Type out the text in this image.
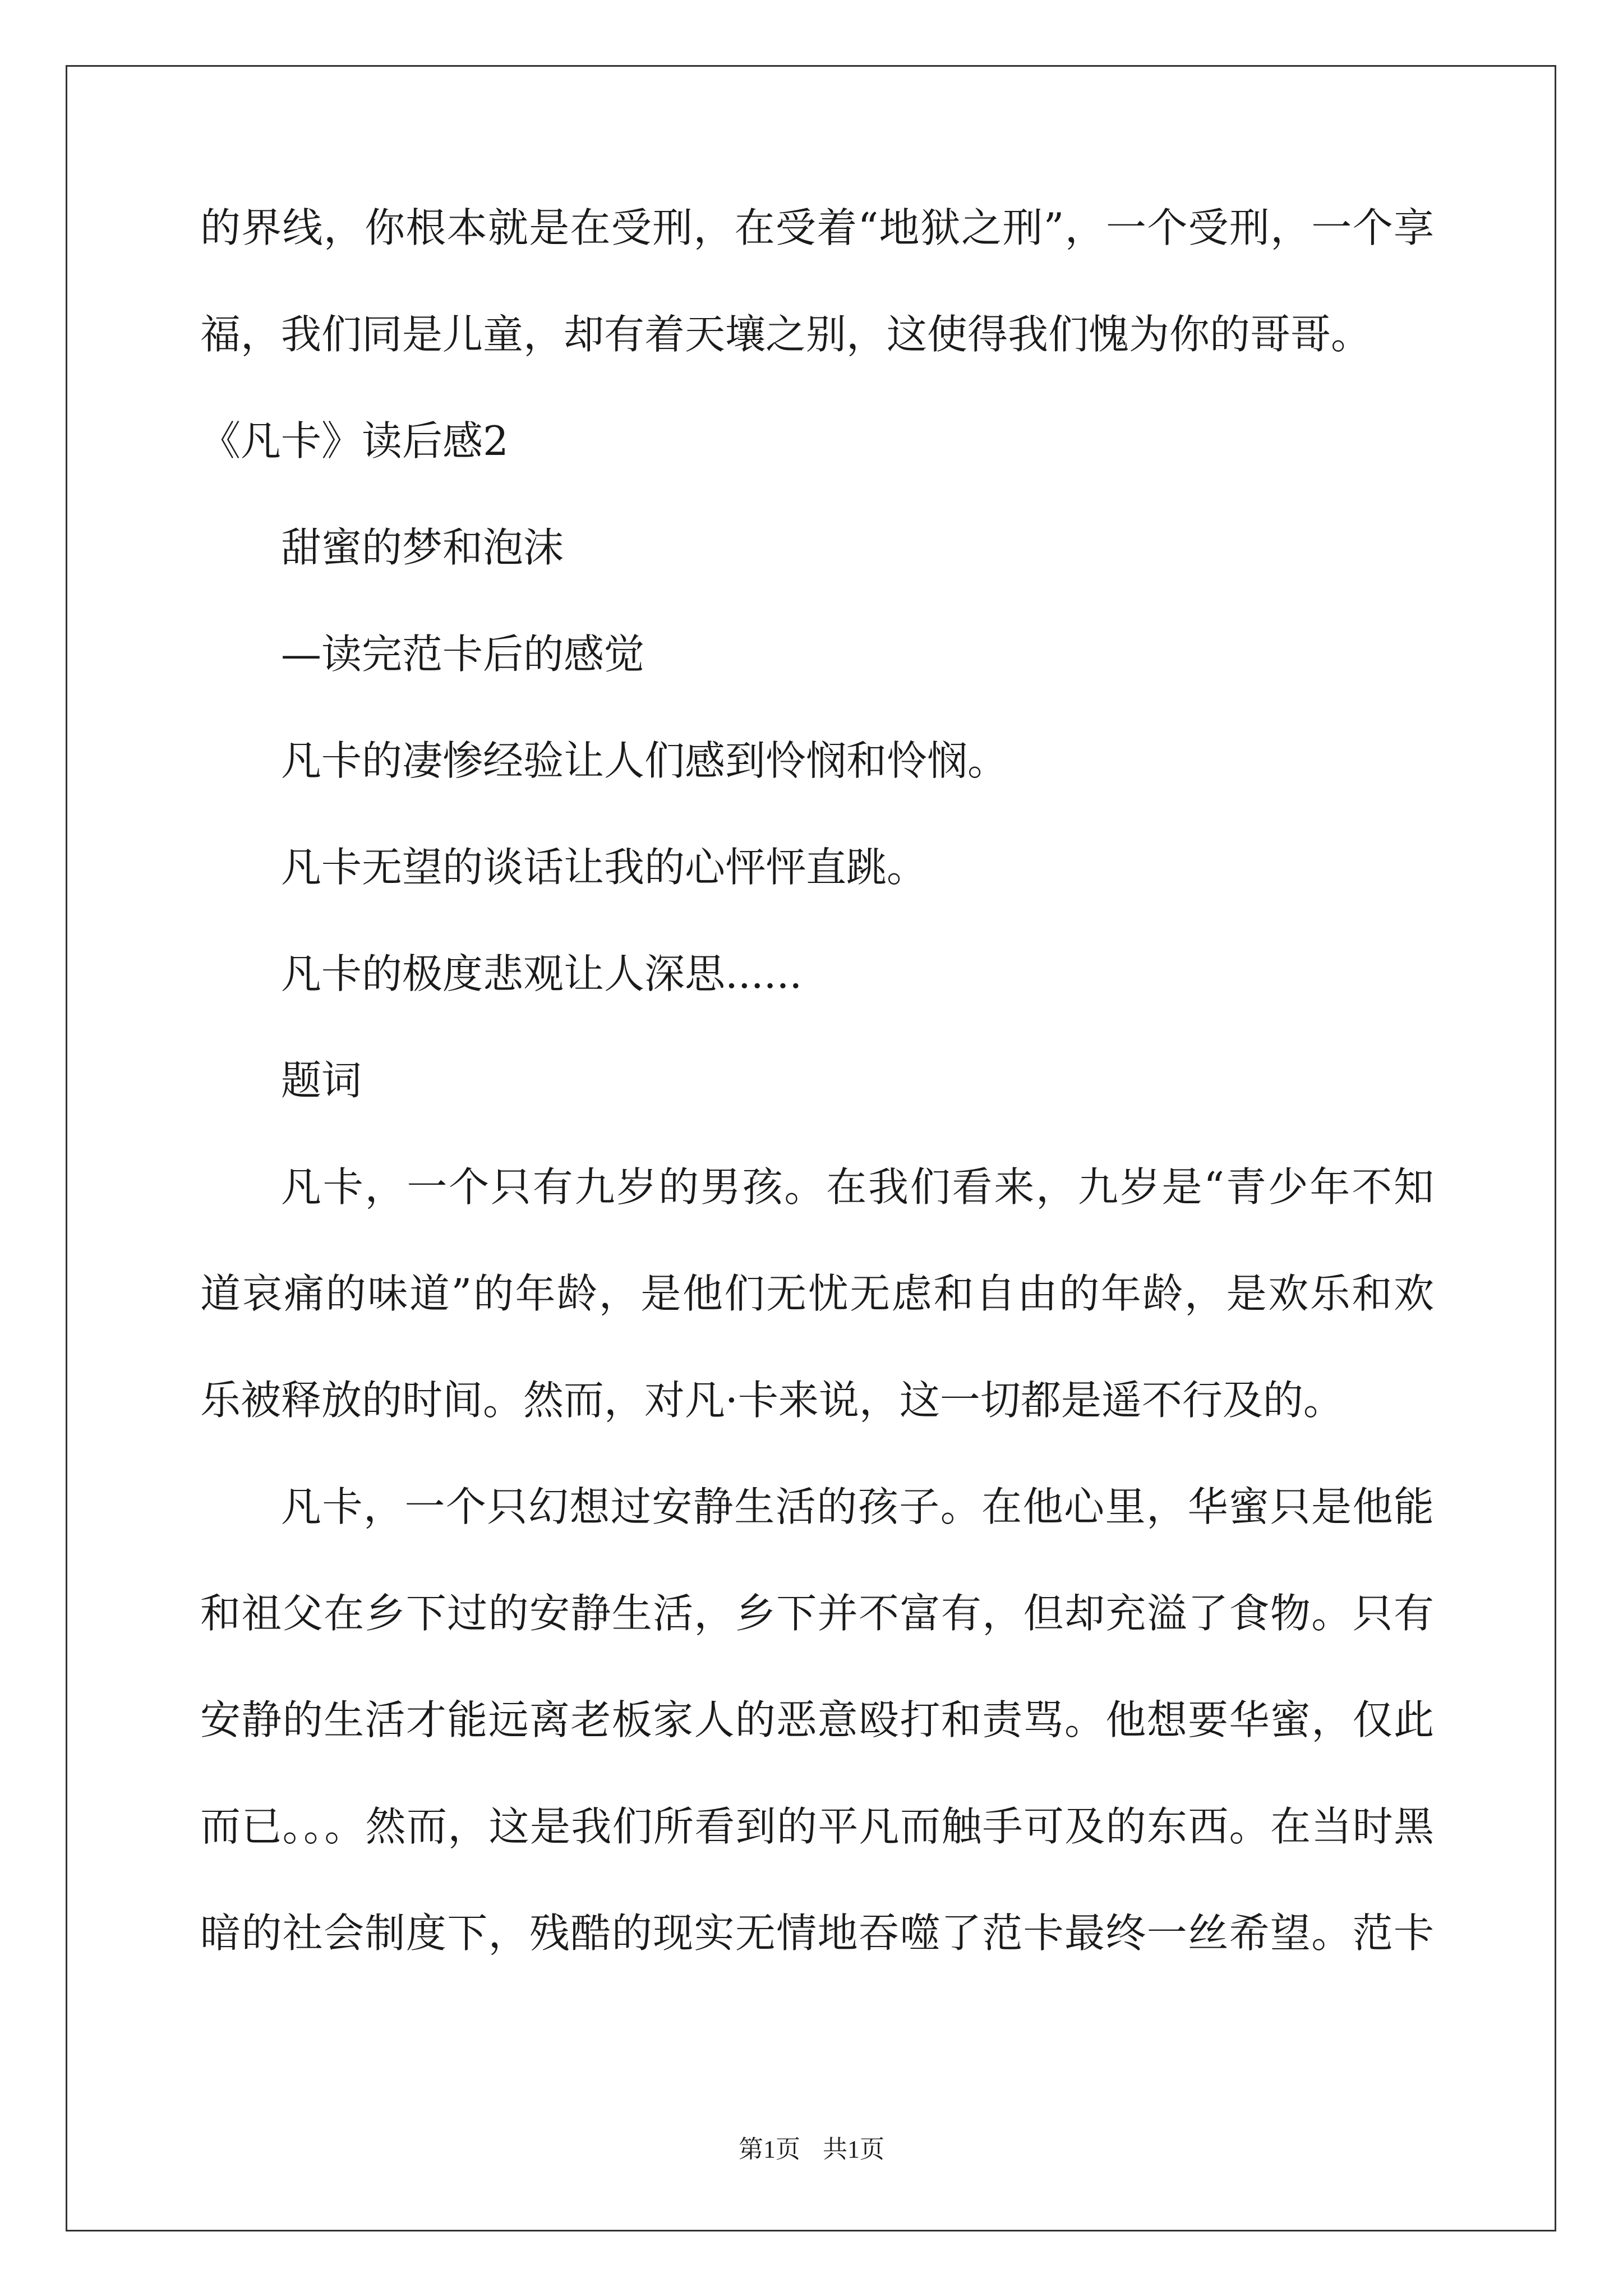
的界线，你根本就是在受刑，在受着“地狱之刑”，一个受刑，一个享
福，我们同是儿童，却有着天壤之别，这使得我们愧为你的哥哥。
《凡卡》读后感2
甜蜜的梦和泡沫
—读完范卡后的感觉
凡卡的凄惨经验让人们感到怜悯和怜悯。
凡卡无望的谈话让我的心怦怦直跳。
凡卡的极度悲观让人深思......
题词
凡卡，一个只有九岁的男孩。在我们看来，九岁是“青少年不知
道哀痛的味道”的年龄，是他们无忧无虑和自由的年龄，是欢乐和欢
乐被释放的时间。然而，对凡·卡来说，这一切都是遥不行及的。
凡卡，一个只幻想过安静生活的孩子。在他心里，华蜜只是他能
和祖父在乡下过的安静生活，乡下并不富有，但却充溢了食物。只有
安静的生活才能远离老板家人的恶意殴打和责骂。他想要华蜜，仅此
而已。。。然而，这是我们所看到的平凡而触手可及的东西。在当时黑
暗的社会制度下，残酷的现实无情地吞噬了范卡最终一丝希望。范卡
第1页 共1页
